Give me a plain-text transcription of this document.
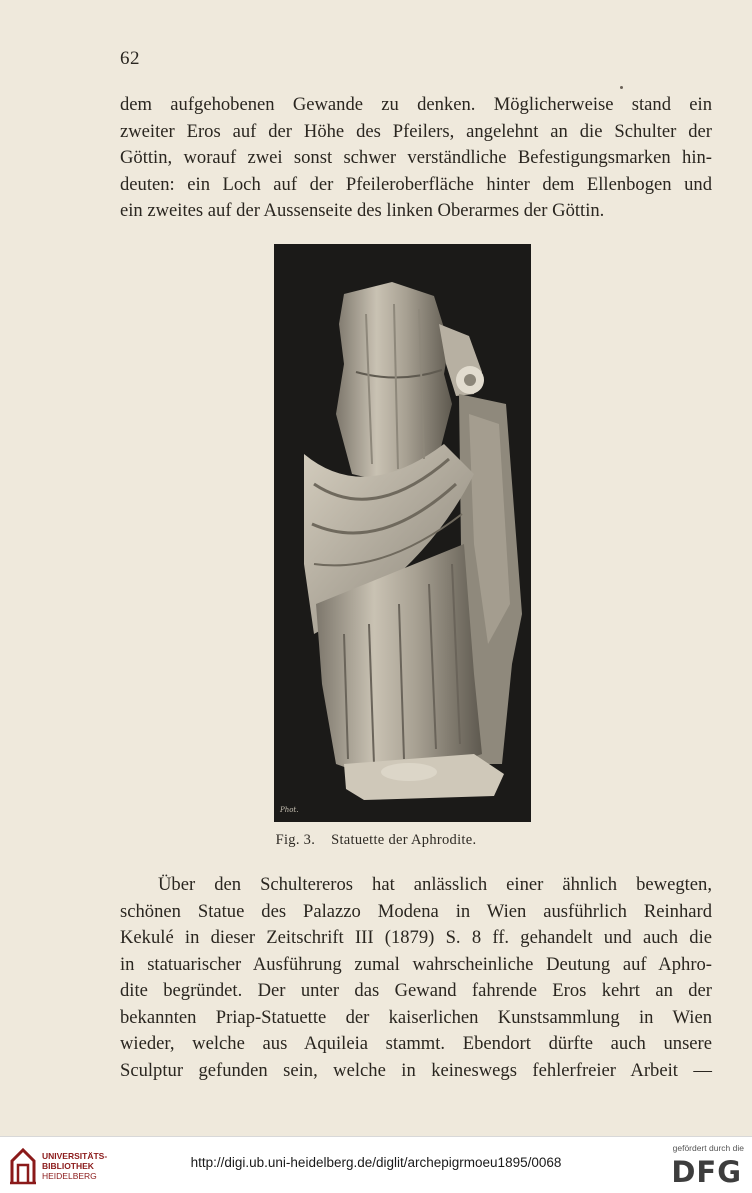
62
dem aufgehobenen Gewande zu denken. Möglicherweise stand ein
zweiter Eros auf der Höhe des Pfeilers, angelehnt an die Schulter der
Göttin, worauf zwei sonst schwer verständliche Befestigungsmarken hin-
deuten: ein Loch auf der Pfeileroberfläche hinter dem Ellenbogen und
ein zweites auf der Aussenseite des linken Oberarmes der Göttin.
Phot.
Fig. 3. Statuette der Aphrodite.
Über den Schultereros hat anlässlich einer ähnlich bewegten,
schönen Statue des Palazzo Modena in Wien ausführlich Reinhard
Kekulé in dieser Zeitschrift III (1879) S. 8 ff. gehandelt und auch die
in statuarischer Ausführung zumal wahrscheinliche Deutung auf Aphro-
dite begründet. Der unter das Gewand fahrende Eros kehrt an der
bekannten Priap-Statuette der kaiserlichen Kunstsammlung in Wien
wieder, welche aus Aquileia stammt. Ebendort dürfte auch unsere
Sculptur gefunden sein, welche in keineswegs fehlerfreier Arbeit —
UNIVERSITÄTS-
BIBLIOTHEK
HEIDELBERG
http://digi.ub.uni-heidelberg.de/diglit/archepigrmoeu1895/0068
gefördert durch die
DFG
